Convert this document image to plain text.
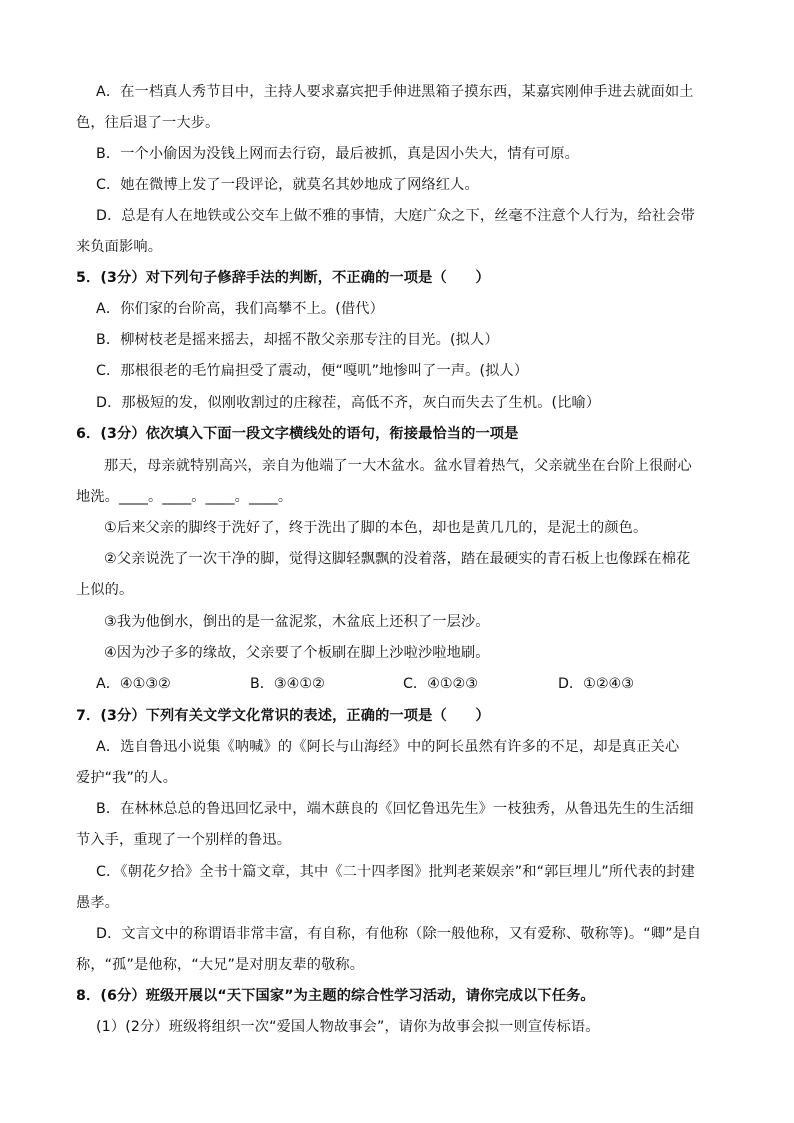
A．在一档真人秀节目中，主持人要求嘉宾把手伸进黑箱子摸东西，某嘉宾刚伸手进去就面如土
色，往后退了一大步。
B．一个小偷因为没钱上网而去行窃，最后被抓，真是因小失大，情有可原。
C．她在微博上发了一段评论，就莫名其妙地成了网络红人。
D．总是有人在地铁或公交车上做不雅的事情，大庭广众之下，丝毫不注意个人行为，给社会带
来负面影响。
5．(3分）对下列句子修辞手法的判断，不正确的一项是（　　）
A．你们家的台阶高，我们高攀不上。(借代）
B．柳树枝老是摇来摇去，却摇不散父亲那专注的目光。(拟人）
C．那根很老的毛竹扁担受了震动，便“嘎叽”地惨叫了一声。(拟人）
D．那极短的发，似刚收割过的庄稼茬，高低不齐，灰白而失去了生机。(比喻）
6．(3分）依次填入下面一段文字横线处的语句，衔接最恰当的一项是
那天，母亲就特别高兴，亲自为他端了一大木盆水。盆水冒着热气，父亲就坐在台阶上很耐心
地洗。____。____。____。____。
①后来父亲的脚终于洗好了，终于洗出了脚的本色，却也是黄几几的，是泥土的颜色。
②父亲说洗了一次干净的脚，觉得这脚轻飘飘的没着落，踏在最硬实的青石板上也像踩在棉花
上似的。
③我为他倒水，倒出的是一盆泥浆，木盆底上还积了一层沙。
④因为沙子多的缘故，父亲要了个板刷在脚上沙啦沙啦地刷。
A．④①③②	B．③④①②	C．④①②③	D．①②④③
7．(3分）下列有关文学文化常识的表述，正确的一项是（　　）
A．选自鲁迅小说集《呐喊》的《阿长与山海经》中的阿长虽然有许多的不足，却是真正关心
爱护“我”的人。
B．在林林总总的鲁迅回忆录中，端木蕻良的《回忆鲁迅先生》一枝独秀，从鲁迅先生的生活细
节入手，重现了一个别样的鲁迅。
C．《朝花夕拾》全书十篇文章，其中《二十四孝图》批判老莱娱亲”和“郭巨埋儿”所代表的封建
愚孝。
D．文言文中的称谓语非常丰富，有自称，有他称（除一般他称，又有爱称、敬称等)。“卿”是自
称，“孤”是他称，“大兄”是对朋友辈的敬称。
8．(6分）班级开展以“天下国家”为主题的综合性学习活动，请你完成以下任务。
(1）(2分）班级将组织一次“爱国人物故事会”，请你为故事会拟一则宣传标语。
